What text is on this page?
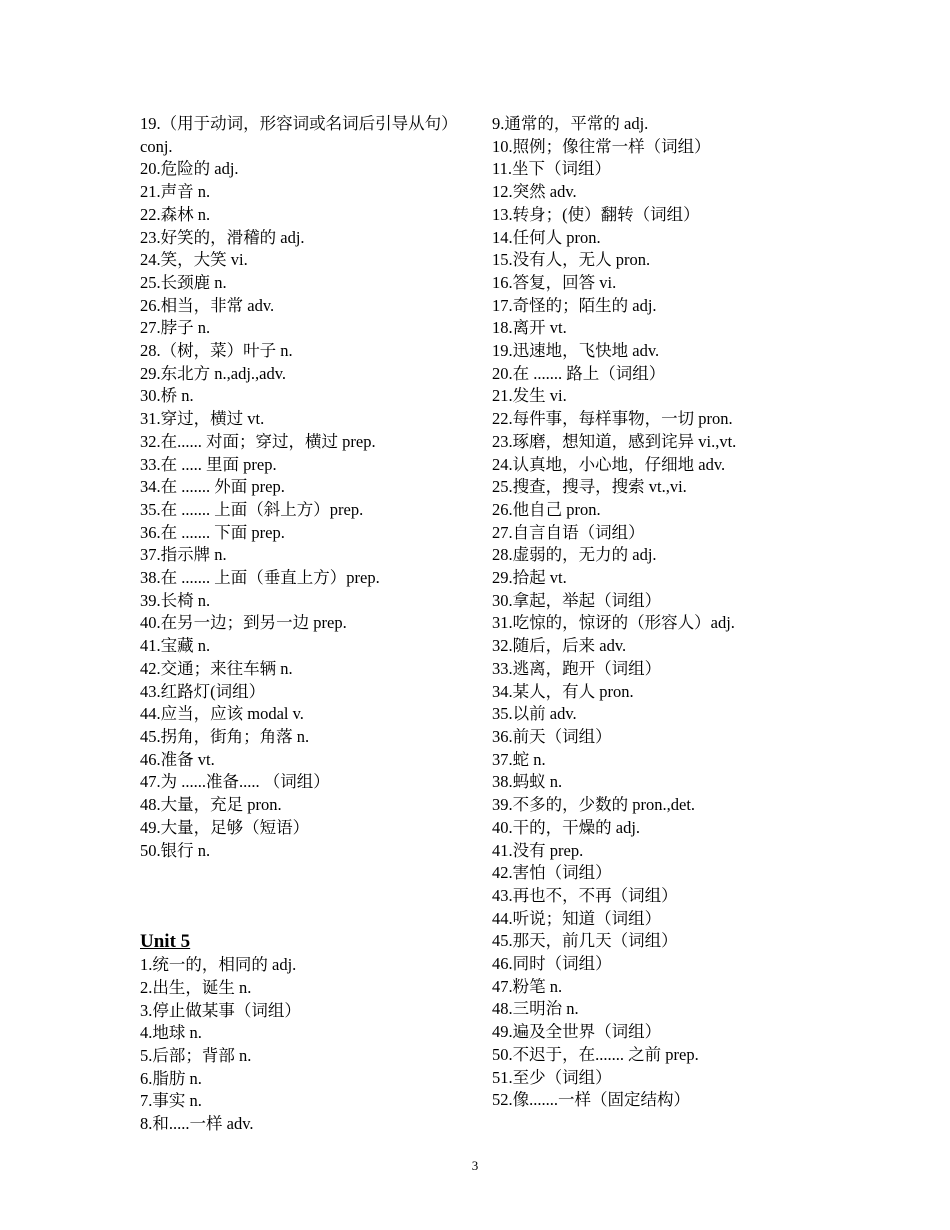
19.（用于动词，形容词或名词后引导从句）conj.
20.危险的 adj.
21.声音 n.
22.森林 n.
23.好笑的，滑稽的 adj.
24.笑，大笑 vi.
25.长颈鹿 n.
26.相当，非常 adv.
27.脖子 n.
28.（树，菜）叶子 n.
29.东北方 n.,adj.,adv.
30.桥 n.
31.穿过，横过 vt.
32.在...... 对面；穿过，横过 prep.
33.在 ..... 里面 prep.
34.在 ....... 外面 prep.
35.在 ....... 上面（斜上方）prep.
36.在 ....... 下面 prep.
37.指示牌 n.
38.在 ....... 上面（垂直上方）prep.
39.长椅 n.
40.在另一边；到另一边 prep.
41.宝藏 n.
42.交通；来往车辆 n.
43.红路灯(词组）
44.应当，应该 modal v.
45.拐角，街角；角落 n.
46.准备 vt.
47.为 ......准备..... （词组）
48.大量，充足 pron.
49.大量，足够（短语）
50.银行 n.
Unit 5
1.统一的，相同的 adj.
2.出生，诞生 n.
3.停止做某事（词组）
4.地球 n.
5.后部；背部 n.
6.脂肪 n.
7.事实 n.
8.和.....一样 adv.
9.通常的，平常的 adj.
10.照例；像往常一样（词组）
11.坐下（词组）
12.突然 adv.
13.转身；(使）翻转（词组）
14.任何人 pron.
15.没有人，无人 pron.
16.答复，回答 vi.
17.奇怪的；陌生的 adj.
18.离开 vt.
19.迅速地，飞快地 adv.
20.在 ....... 路上（词组）
21.发生 vi.
22.每件事，每样事物，一切 pron.
23.琢磨，想知道，感到诧异 vi.,vt.
24.认真地，小心地，仔细地 adv.
25.搜查，搜寻，搜索 vt.,vi.
26.他自己 pron.
27.自言自语（词组）
28.虚弱的，无力的 adj.
29.拾起 vt.
30.拿起，举起（词组）
31.吃惊的，惊讶的（形容人）adj.
32.随后，后来 adv.
33.逃离，跑开（词组）
34.某人，有人 pron.
35.以前 adv.
36.前天（词组）
37.蛇 n.
38.蚂蚁 n.
39.不多的，少数的 pron.,det.
40.干的，干燥的 adj.
41.没有 prep.
42.害怕（词组）
43.再也不，不再（词组）
44.听说；知道（词组）
45.那天，前几天（词组）
46.同时（词组）
47.粉笔 n.
48.三明治 n.
49.遍及全世界（词组）
50.不迟于，在....... 之前 prep.
51.至少（词组）
52.像.......一样（固定结构）
3
